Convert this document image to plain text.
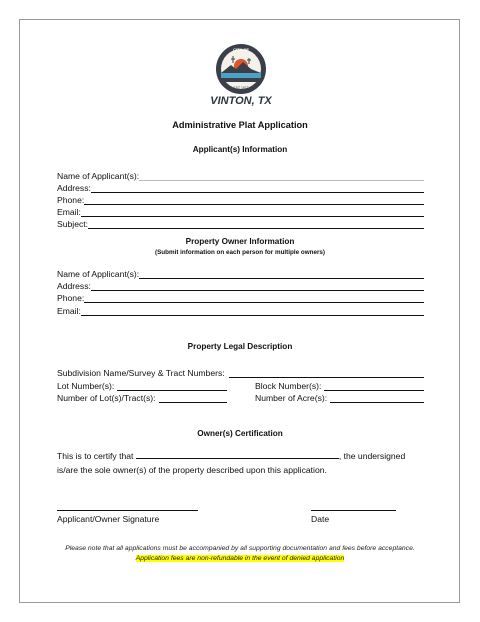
CITY OF
EST 1977
VINTON, TX
Administrative Plat Application
Applicant(s) Information
Name of Applicant(s):
Address:
Phone:
Email:
Subject:
Property Owner Information
(Submit information on each person for multiple owners)
Name of Applicant(s):
Address:
Phone:
Email:
Property Legal Description
Subdivision Name/Survey & Tract Numbers:
Lot Number(s):	Block Number(s):
Number of Lot(s)/Tract(s):	Number of Acre(s):
Owner(s) Certification
This is to certify that	, the undersigned
is/are the sole owner(s) of the property described upon this application.
Applicant/Owner Signature	Date
Please note that all applications must be accompanied by all supporting documentation and fees before acceptance. Application fees are non-refundable in the event of denied application
